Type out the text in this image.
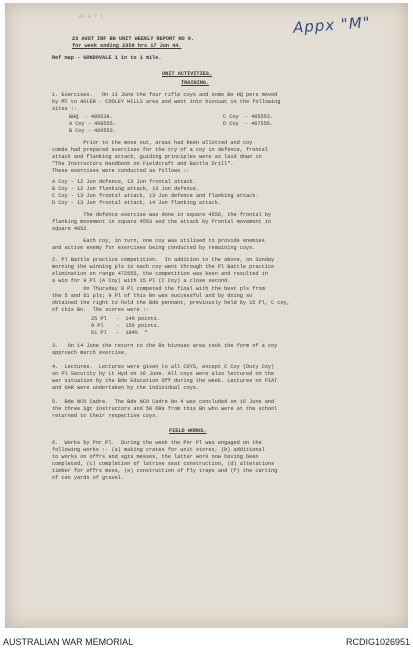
A/ 0 7 1	Appx "M"
23 AUST INF BN UNIT WEEKLY REPORT NO 9.
for week ending 2359 hrs 17 Jun 44.
Ref map - GONDOVALE 1 in to 1 mile.
UNIT ACTIVITIES.
TRAINING.
1. Exercises.   On 11 June the four rifle coys and some Bn HQ pers moved
by MT to ADLER - COOLEY HILLS area and went into bivouac in the following
sites :-
BHQ  - 489538.	C Coy  - 465553.
A Coy - 469555.	D Coy  - 467556.
B Coy - 466553.
Prior to the move out, areas had been allotted and coy
comds had prepared exercises for the try of a coy in defence, frontal
attack and flanking attack, guiding principles were as laid down in
"The Instructors Handbook on Fieldcraft and Battle Drill".
These exercises were conducted as follows :-
A Coy - 12 Jun defence, 13 Jun frontal attack.
B Coy - 12 Jun flanking attack, 13 Jun defence.
C Coy - 13 Jun frontal attack, 13 Jun defence and flanking attack.
D Coy - 13 Jun frontal attack, 14 Jun flanking attack.
The defence exercise was done in square 4556, the frontal by
flanking movement in square 4553 and the attack by frontal movement in
square 4652.
Each coy, in turn, one coy was utilised to provide enemies
and active enemy for exercises being conducted by remaining coys.
2. Pl Battle practice competition.  In addition to the above, on Sunday
morning the winning pls in each coy went through the Pl Battle practice
elimination on range 472555, the competition was keen and resulted in
a win for 9 Pl (A Coy) with 15 Pl (C Coy) a close second.
On Thursday 9 Pl competed the final with the best pls from
the 5 and 61 pls; 9 Pl of this Bn was successful and by doing so
obtained the right to hold the Bde pennant, previously held by 15 Pl, C coy,
of this Bn.  The scores were :-
25 Pl   -  149 points.
9 Pl    -  159 points.
61 Pl   -  184½  "
3.   On 14 June the return to the Bn bivouac area took the form of a coy
approach march exercise.
4.  Lectures.  Lectures were given to all COYS, except C Coy (Duty Coy)
on Pl Security by Lt Hyd on 16 June. All coys were also lectured on the
war situation by the Bde Education Off during the week. Lectures on PIAT
and OAR were undertaken by the individual coys.
5.  Bde NCO Cadre.  The Bde NCO Cadre No 4 was concluded on 16 June and
the three Sgt instructors and 50 ORs from this Bn who were at the school
returned to their respective coys.
FIELD WORKS.
6.  Works by Pnr Pl.  During the week the Pnr Pl was engaged on the
following works :- (a) making crates for unit stores, (b) additional
to works on offrs and sgts messes, the latter work now having been
completed, (c) completion of latrine seat construction, (d) alterations
timber for offrs mess, (e) construction of fly traps and (f) the carting
of ten yards of gravel.
AUSTRALIAN WAR MEMORIAL	RCDIG1026951
